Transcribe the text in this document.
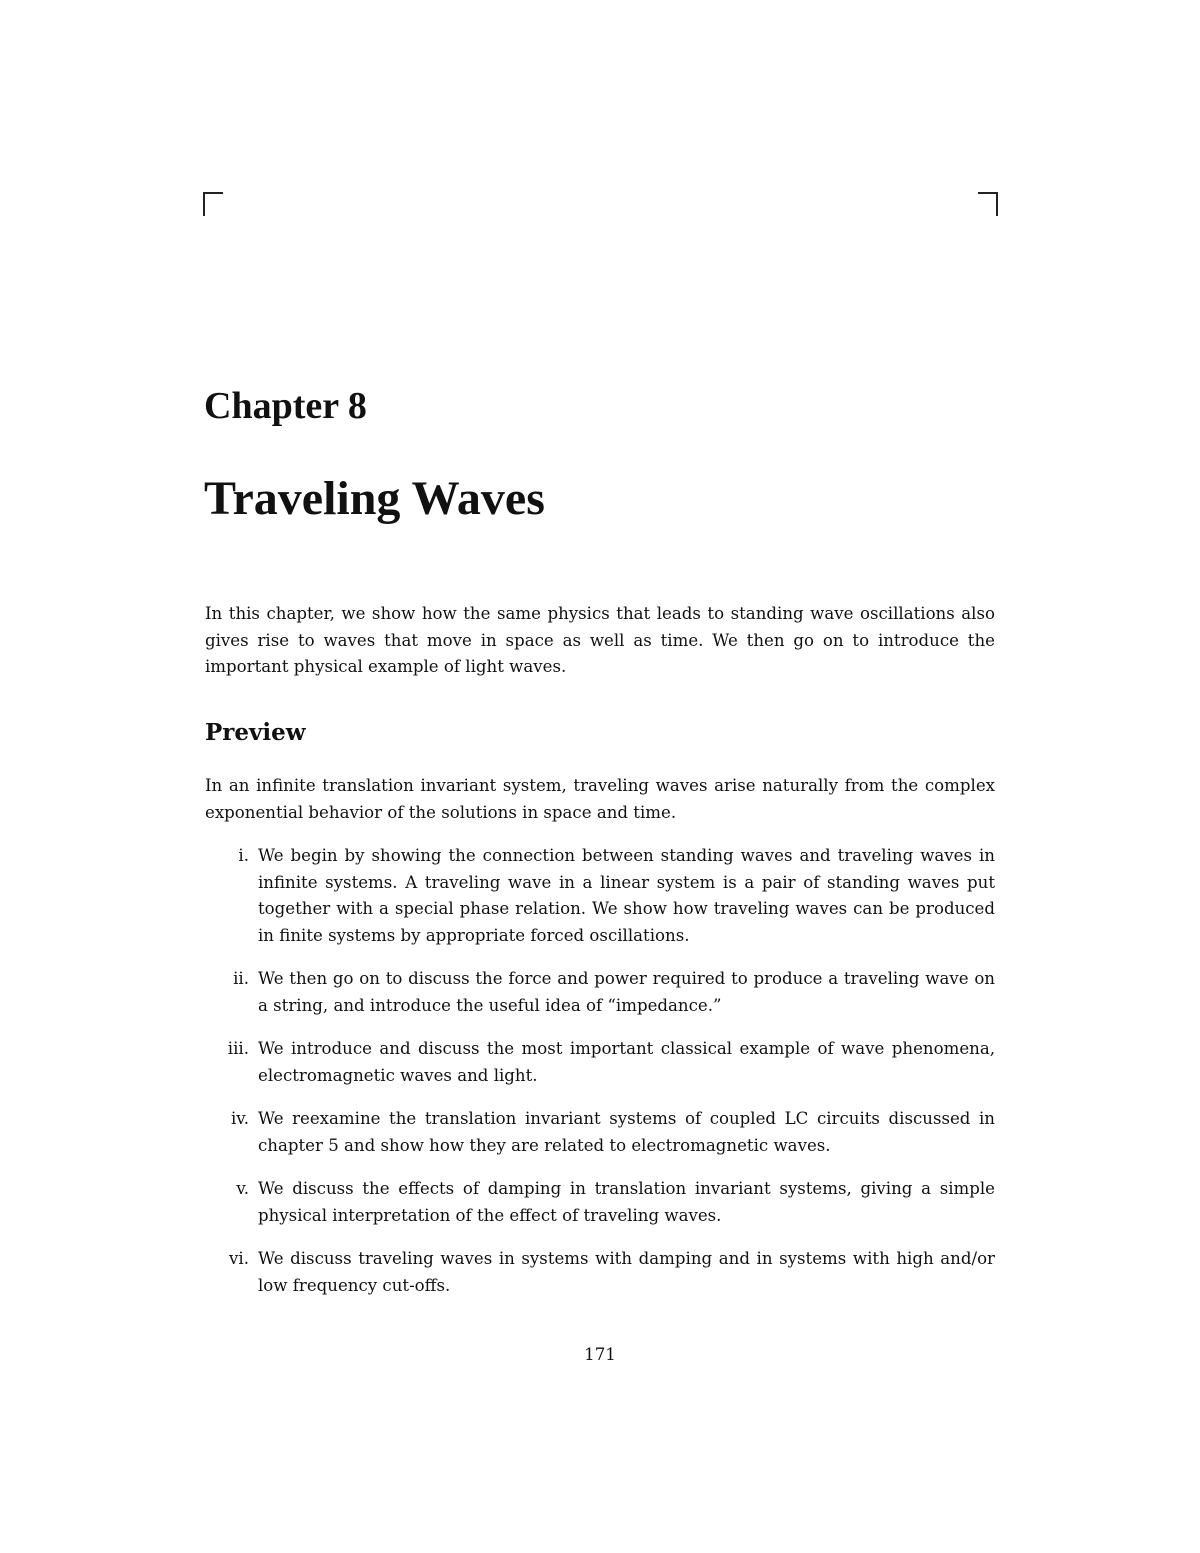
Chapter 8
Traveling Waves

In this chapter, we show how the same physics that leads to standing wave oscillations also gives rise to waves that move in space as well as time. We then go on to introduce the important physical example of light waves.

Preview

In an infinite translation invariant system, traveling waves arise naturally from the complex exponential behavior of the solutions in space and time.

i. We begin by showing the connection between standing waves and traveling waves in infinite systems. A traveling wave in a linear system is a pair of standing waves put together with a special phase relation. We show how traveling waves can be produced in finite systems by appropriate forced oscillations.
ii. We then go on to discuss the force and power required to produce a traveling wave on a string, and introduce the useful idea of “impedance.”
iii. We introduce and discuss the most important classical example of wave phenomena, electromagnetic waves and light.
iv. We reexamine the translation invariant systems of coupled LC circuits discussed in chapter 5 and show how they are related to electromagnetic waves.
v. We discuss the effects of damping in translation invariant systems, giving a simple physical interpretation of the effect of traveling waves.
vi. We discuss traveling waves in systems with damping and in systems with high and/or low frequency cut-offs.

171
